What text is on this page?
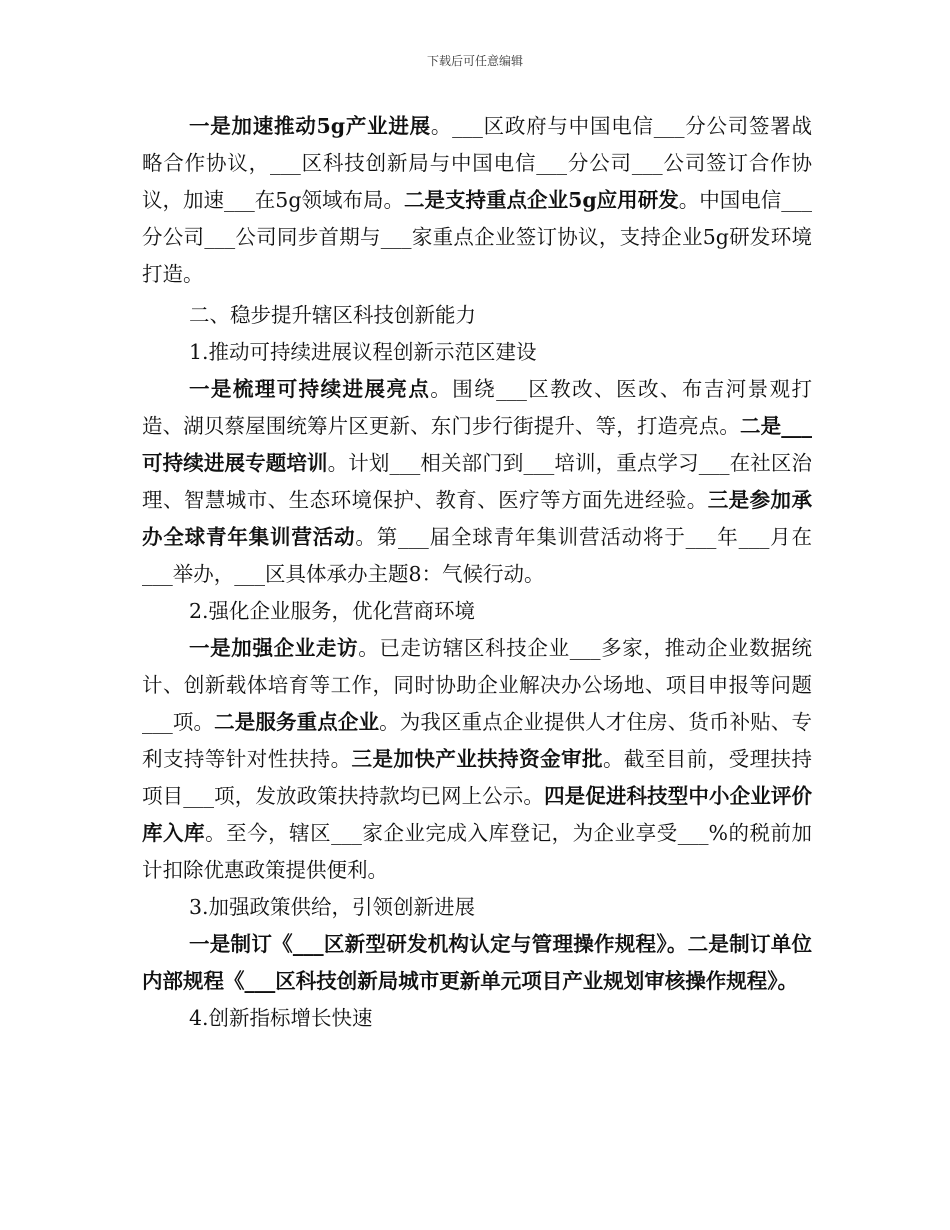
下载后可任意编辑

一是加速推动5g产业进展。___区政府与中国电信___分公司签署战略合作协议，___区科技创新局与中国电信___分公司___公司签订合作协议，加速___在5g领域布局。二是支持重点企业5g应用研发。中国电信___分公司___公司同步首期与___家重点企业签订协议，支持企业5g研发环境打造。

二、稳步提升辖区科技创新能力

1.推动可持续进展议程创新示范区建设

一是梳理可持续进展亮点。围绕___区教改、医改、布吉河景观打造、湖贝蔡屋围统筹片区更新、东门步行街提升、等，打造亮点。二是___可持续进展专题培训。计划___相关部门到___培训，重点学习___在社区治理、智慧城市、生态环境保护、教育、医疗等方面先进经验。三是参加承办全球青年集训营活动。第___届全球青年集训营活动将于___年___月在___举办，___区具体承办主题8：气候行动。

2.强化企业服务，优化营商环境

一是加强企业走访。已走访辖区科技企业___多家，推动企业数据统计、创新载体培育等工作，同时协助企业解决办公场地、项目申报等问题___项。二是服务重点企业。为我区重点企业提供人才住房、货币补贴、专利支持等针对性扶持。三是加快产业扶持资金审批。截至目前，受理扶持项目___项，发放政策扶持款均已网上公示。四是促进科技型中小企业评价库入库。至今，辖区___家企业完成入库登记，为企业享受___%的税前加计扣除优惠政策提供便利。

3.加强政策供给，引领创新进展

一是制订《___区新型研发机构认定与管理操作规程》。二是制订单位内部规程《___区科技创新局城市更新单元项目产业规划审核操作规程》。

4.创新指标增长快速
